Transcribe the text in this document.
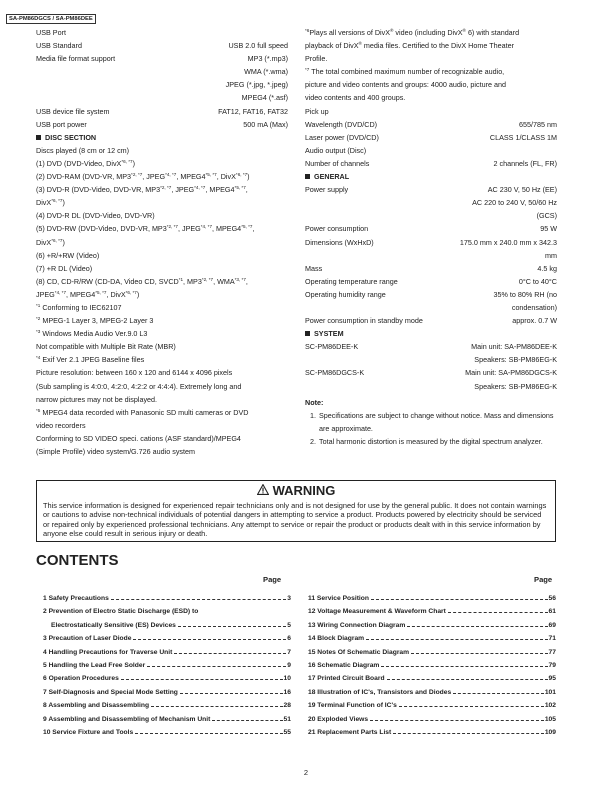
SA-PM86DGCS / SA-PM86DEE
USB Port
USB Standard	USB 2.0 full speed
Media file format support	MP3 (*.mp3)
WMA (*.wma)
JPEG (*.jpg, *.jpeg)
MPEG4 (*.asf)
USB device file system	FAT12, FAT16, FAT32
USB port power	500 mA (Max)
DISC SECTION
Discs played (8 cm or 12 cm)
(1) DVD (DVD-Video, DivX$^{*6, *7}$)
(2) DVD-RAM (DVD-VR, $MP3^{*2, *7}$, $JPEG^{*4, *7}$, $MPEG4^{*5, *7}$, DivX$^{*6, *7}$)
(3) DVD-R (DVD-Video, DVD-VR, $MP3^{*2, *7}$, $JPEG^{*4, *7}$, $MPEG4^{*5, *7}$,
DivX$^{*6, *7}$)
(4) DVD-R DL (DVD-Video, DVD-VR)
(5) DVD-RW (DVD-Video, DVD-VR, $MP3^{*2, *7}$, $JPEG^{*4, *7}$, $MPEG4^{*5, *7}$,
DivX$^{*6, *7}$)
(6) +R/+RW (Video)
(7) +R DL (Video)
(8) CD, CD-R/RW (CD-DA, Video CD, SVCD$^{*1}$, $MP3^{*2, *7}$, $WMA^{*3, *7}$,
$JPEG^{*4, *7}$, $MPEG4^{*5, *7}$, DivX$^{*6, *7}$)
$^{*1}$ Conforming to IEC62107
$^{*2}$ MPEG-1 Layer 3, MPEG-2 Layer 3
$^{*3}$ Windows Media Audio Ver.9.0 L3
Not compatible with Multiple Bit Rate (MBR)
$^{*4}$ Exif Ver 2.1 JPEG Baseline files
Picture resolution: between 160 x 120 and 6144 x 4096 pixels
(Sub sampling is 4:0:0, 4:2:0, 4:2:2 or 4:4:4). Extremely long and
narrow pictures may not be displayed.
$^{*5}$ MPEG4 data recorded with Panasonic SD multi cameras or DVD
video recorders
Conforming to SD VIDEO speci. cations (ASF standard)/MPEG4
(Simple Profile) video system/G.726 audio system
$^{*6}$Plays all versions of DivX® video (including DivX® 6) with standard
playback of DivX® media files. Certified to the DivX Home Theater
Profile.
$^{*7}$ The total combined maximum number of recognizable audio,
picture and video contents and groups: 4000 audio, picture and
video contents and 400 groups.
Pick up
Wavelength (DVD/CD)	655/785 nm
Laser power (DVD/CD)	CLASS 1/CLASS 1M
Audio output (Disc)
Number of channels	2 channels (FL, FR)
GENERAL
Power supply	AC 230 V, 50 Hz (EE)
AC 220 to 240 V, 50/60 Hz
(GCS)
Power consumption	95 W
Dimensions (WxHxD)	175.0 mm x 240.0 mm x 342.3
mm
Mass	4.5 kg
Operating temperature range	0°C to 40°C
Operating humidity range	35% to 80% RH (no
condensation)
Power consumption in standby mode	approx. 0.7 W
SYSTEM
SC-PM86DEE-K	Main unit: SA-PM86DEE-K
Speakers: SB-PM86EG-K
SC-PM86DGCS-K	Main unit: SA-PM86DGCS-K
Speakers: SB-PM86EG-K
Note:
1. Specifications are subject to change without notice. Mass and dimensions are approximate.
2. Total harmonic distortion is measured by the digital spectrum analyzer.
WARNING
This service information is designed for experienced repair technicians only and is not designed for use by the general public. It does not contain warnings or cautions to advise non-technical individuals of potential dangers in attempting to service a product. Products powered by electricity should be serviced or repaired only by experienced professional technicians. Any attempt to service or repair the product or products dealt with in this service information by anyone else could result in serious injury or death.
CONTENTS
Page	Page
1 Safety Precautions	3
2 Prevention of Electro Static Discharge (ESD) to
Electrostatically Sensitive (ES) Devices	5
3 Precaution of Laser Diode	6
4 Handling Precautions for Traverse Unit	7
5 Handling the Lead Free Solder	9
6 Operation Procedures	10
7 Self-Diagnosis and Special Mode Setting	16
8 Assembling and Disassembling	28
9 Assembling and Disassembling of Mechanism Unit	51
10 Service Fixture and Tools	55
11 Service Position	56
12 Voltage Measurement & Waveform Chart	61
13 Wiring Connection Diagram	69
14 Block Diagram	71
15 Notes Of Schematic Diagram	77
16 Schematic Diagram	79
17 Printed Circuit Board	95
18 Illustration of IC's, Transistors and Diodes	101
19 Terminal Function of IC's	102
20 Exploded Views	105
21 Replacement Parts List	109
2
